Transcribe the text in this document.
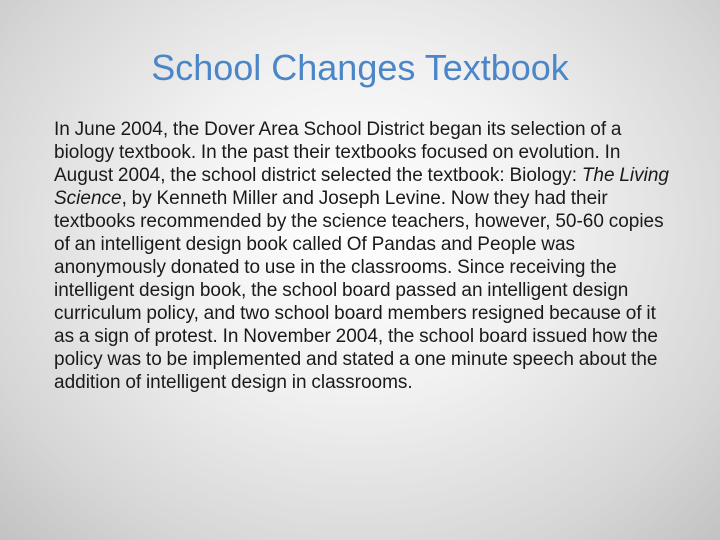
School Changes Textbook

In June 2004, the Dover Area School District began its selection of a biology textbook. In the past their textbooks focused on evolution. In August 2004, the school district selected the textbook: Biology: The Living Science, by Kenneth Miller and Joseph Levine. Now they had their textbooks recommended by the science teachers, however, 50-60 copies of an intelligent design book called Of Pandas and People was anonymously donated to use in the classrooms. Since receiving the intelligent design book, the school board passed an intelligent design curriculum policy, and two school board members resigned because of it as a sign of protest. In November 2004, the school board issued how the policy was to be implemented and stated a one minute speech about the addition of intelligent design in classrooms.
